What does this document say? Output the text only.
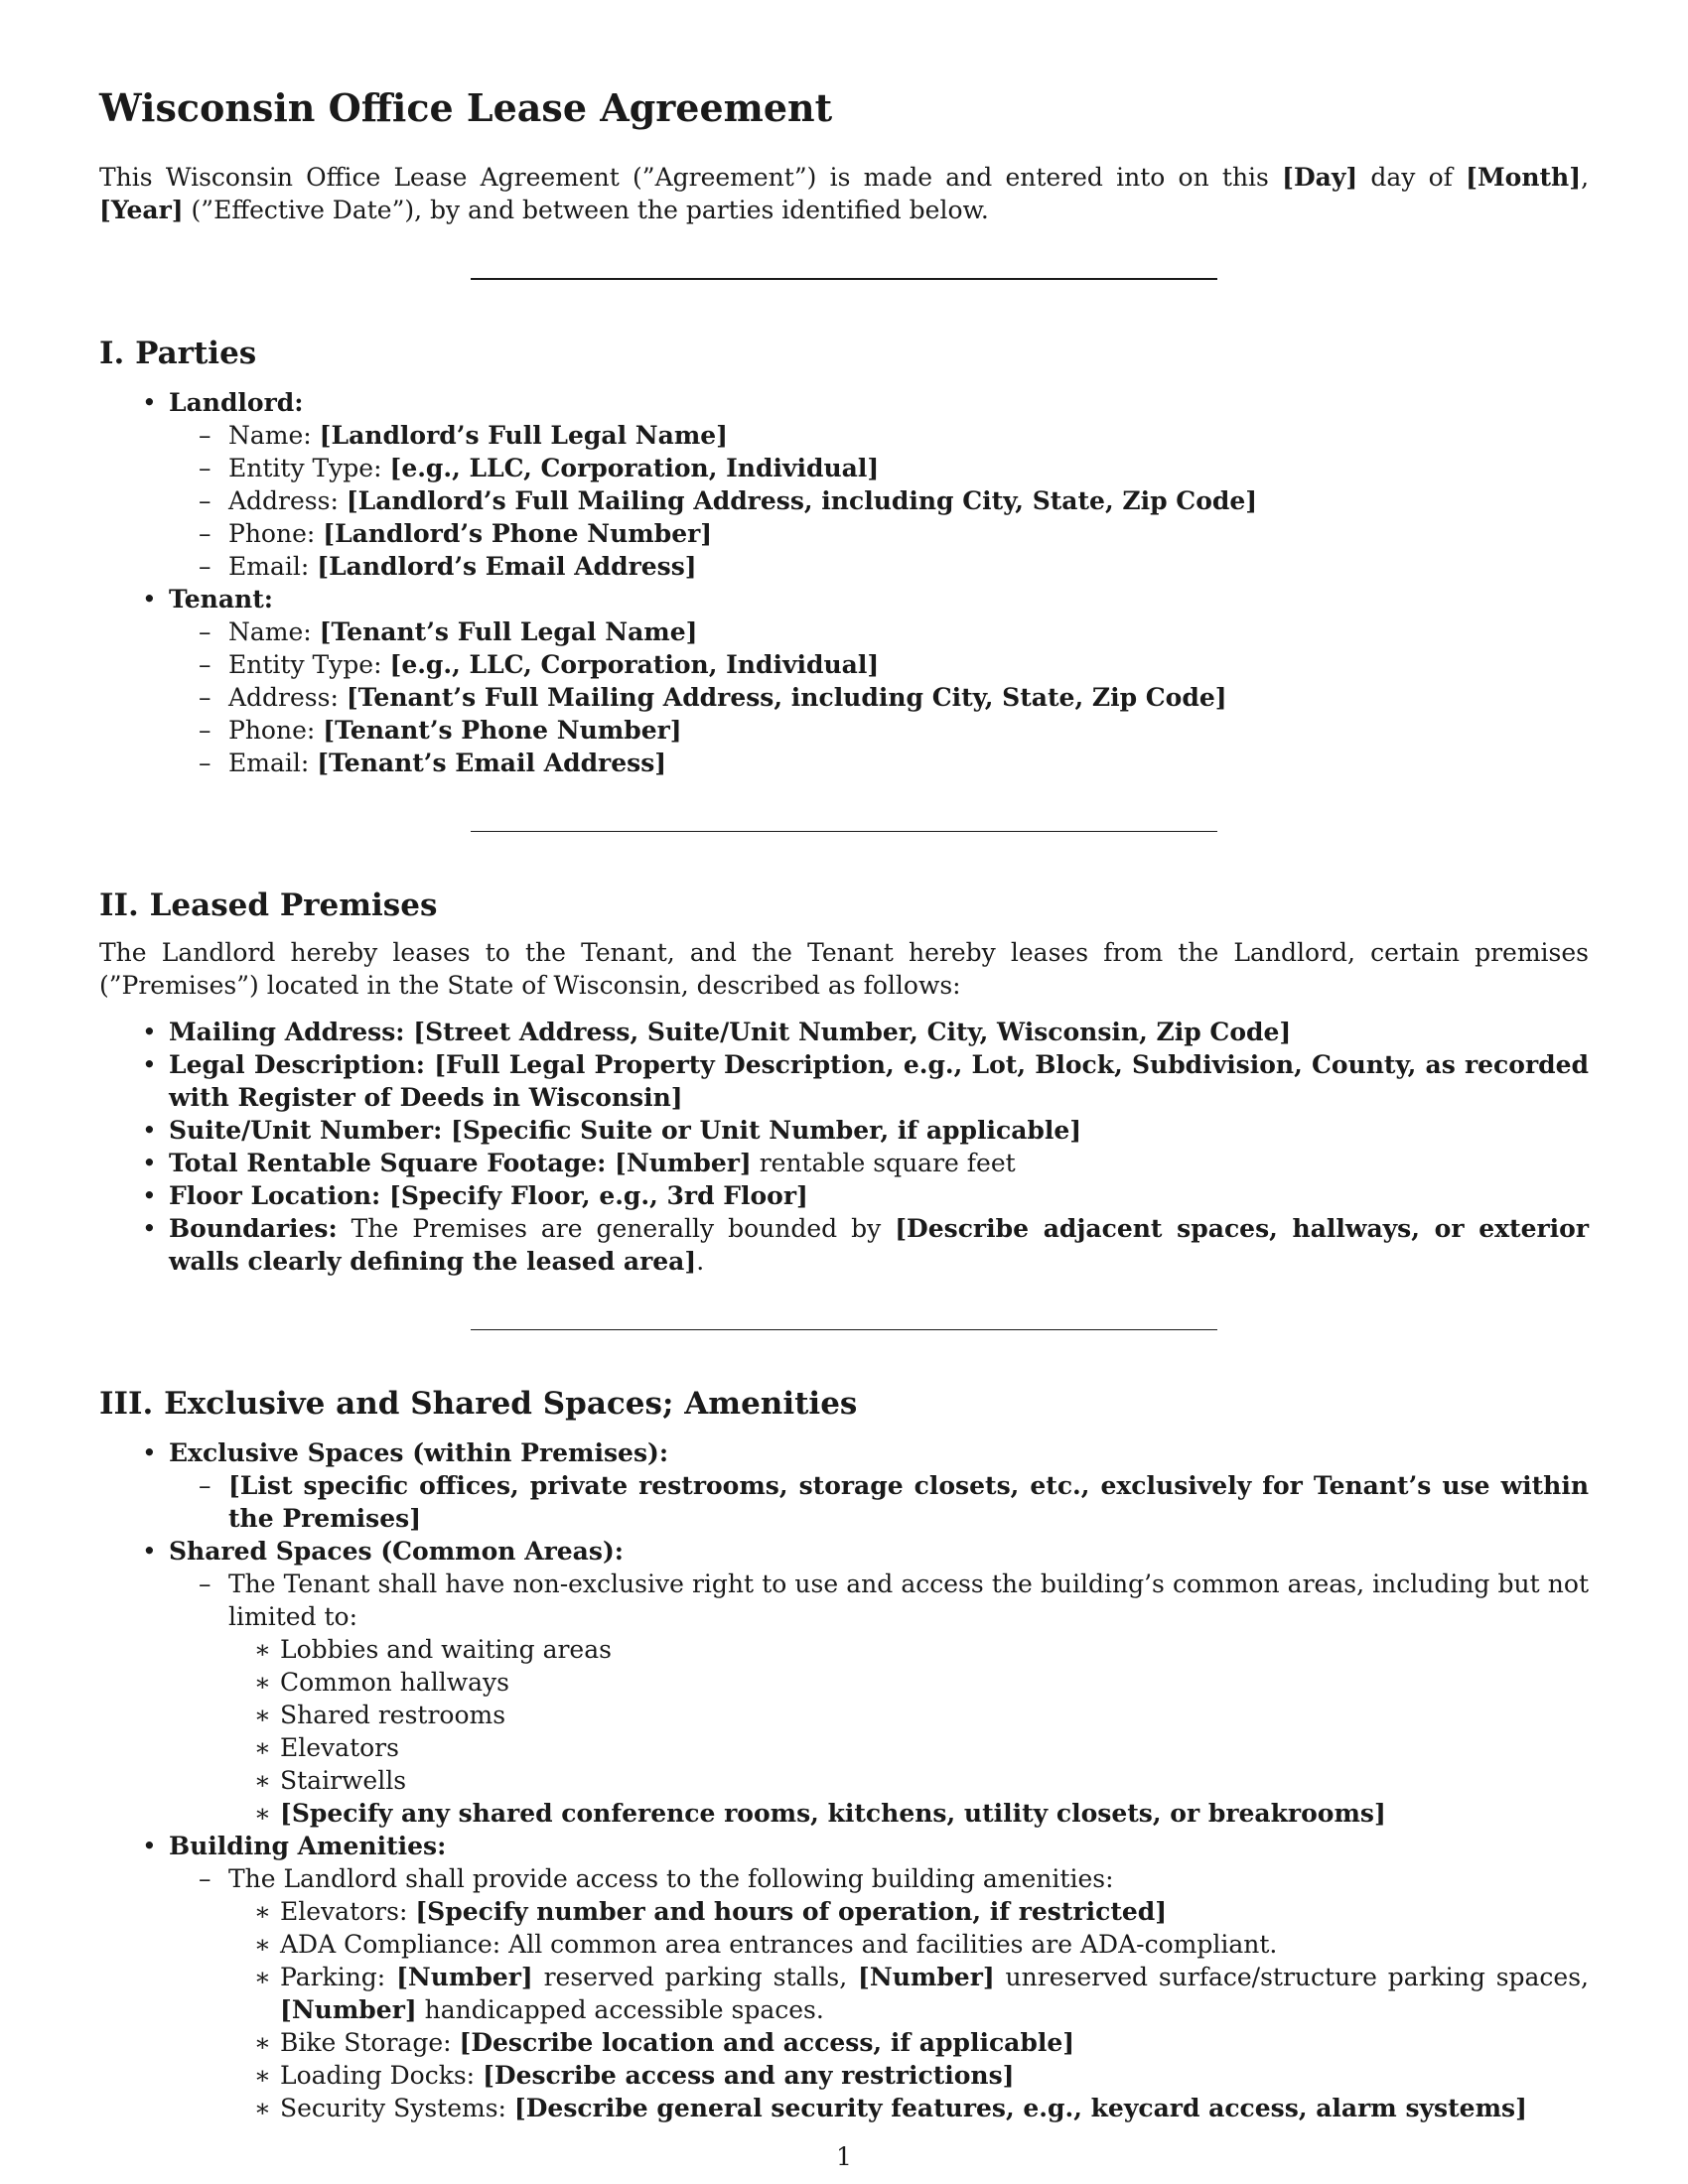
Wisconsin Office Lease Agreement

This Wisconsin Office Lease Agreement (”Agreement”) is made and entered into on this [Day] day of [Month], [Year] (”Effective Date”), by and between the parties identified below.

I. Parties
• Landlord:
– Name: [Landlord’s Full Legal Name]
– Entity Type: [e.g., LLC, Corporation, Individual]
– Address: [Landlord’s Full Mailing Address, including City, State, Zip Code]
– Phone: [Landlord’s Phone Number]
– Email: [Landlord’s Email Address]
• Tenant:
– Name: [Tenant’s Full Legal Name]
– Entity Type: [e.g., LLC, Corporation, Individual]
– Address: [Tenant’s Full Mailing Address, including City, State, Zip Code]
– Phone: [Tenant’s Phone Number]
– Email: [Tenant’s Email Address]
II. Leased Premises

The Landlord hereby leases to the Tenant, and the Tenant hereby leases from the Landlord, certain premises (”Premises”) located in the State of Wisconsin, described as follows:

• Mailing Address: [Street Address, Suite/Unit Number, City, Wisconsin, Zip Code]
• Legal Description: [Full Legal Property Description, e.g., Lot, Block, Subdivision, County, as recorded with Register of Deeds in Wisconsin]
• Suite/Unit Number: [Specific Suite or Unit Number, if applicable]
• Total Rentable Square Footage: [Number] rentable square feet
• Floor Location: [Specify Floor, e.g., 3rd Floor]
• Boundaries: The Premises are generally bounded by [Describe adjacent spaces, hallways, or exterior walls clearly defining the leased area].
III. Exclusive and Shared Spaces; Amenities
• Exclusive Spaces (within Premises):
– [List specific offices, private restrooms, storage closets, etc., exclusively for Tenant’s use within the Premises]
• Shared Spaces (Common Areas):
– The Tenant shall have non-exclusive right to use and access the building’s common areas, including but not limited to:
∗ Lobbies and waiting areas
∗ Common hallways
∗ Shared restrooms
∗ Elevators
∗ Stairwells
∗ [Specify any shared conference rooms, kitchens, utility closets, or breakrooms]
• Building Amenities:
– The Landlord shall provide access to the following building amenities:
∗ Elevators: [Specify number and hours of operation, if restricted]
∗ ADA Compliance: All common area entrances and facilities are ADA-compliant.
∗ Parking: [Number] reserved parking stalls, [Number] unreserved surface/structure parking spaces, [Number] handicapped accessible spaces.
∗ Bike Storage: [Describe location and access, if applicable]
∗ Loading Docks: [Describe access and any restrictions]
∗ Security Systems: [Describe general security features, e.g., keycard access, alarm systems]
1
